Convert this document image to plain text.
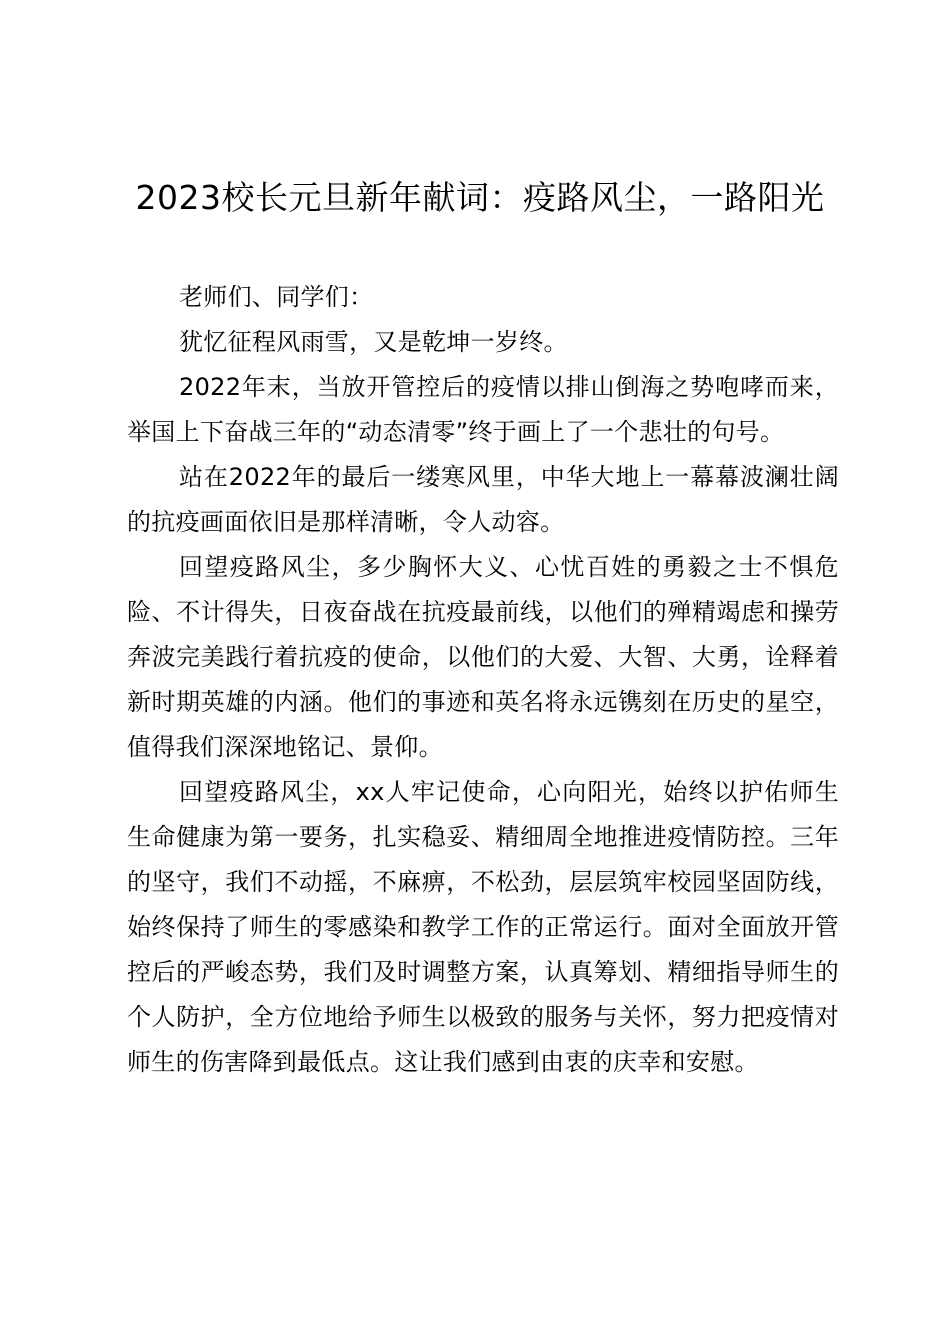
2023校长元旦新年献词：疫路风尘，一路阳光

老师们、同学们：

犹忆征程风雨雪，又是乾坤一岁终。

2022年末，当放开管控后的疫情以排山倒海之势咆哮而来，举国上下奋战三年的“动态清零”终于画上了一个悲壮的句号。

站在2022年的最后一缕寒风里，中华大地上一幕幕波澜壮阔的抗疫画面依旧是那样清晰，令人动容。

回望疫路风尘，多少胸怀大义、心忧百姓的勇毅之士不惧危险、不计得失，日夜奋战在抗疫最前线，以他们的殚精竭虑和操劳奔波完美践行着抗疫的使命，以他们的大爱、大智、大勇，诠释着新时期英雄的内涵。他们的事迹和英名将永远镌刻在历史的星空，值得我们深深地铭记、景仰。

回望疫路风尘，xx人牢记使命，心向阳光，始终以护佑师生生命健康为第一要务，扎实稳妥、精细周全地推进疫情防控。三年的坚守，我们不动摇，不麻痹，不松劲，层层筑牢校园坚固防线，始终保持了师生的零感染和教学工作的正常运行。面对全面放开管控后的严峻态势，我们及时调整方案，认真筹划、精细指导师生的个人防护，全方位地给予师生以极致的服务与关怀，努力把疫情对师生的伤害降到最低点。这让我们感到由衷的庆幸和安慰。
